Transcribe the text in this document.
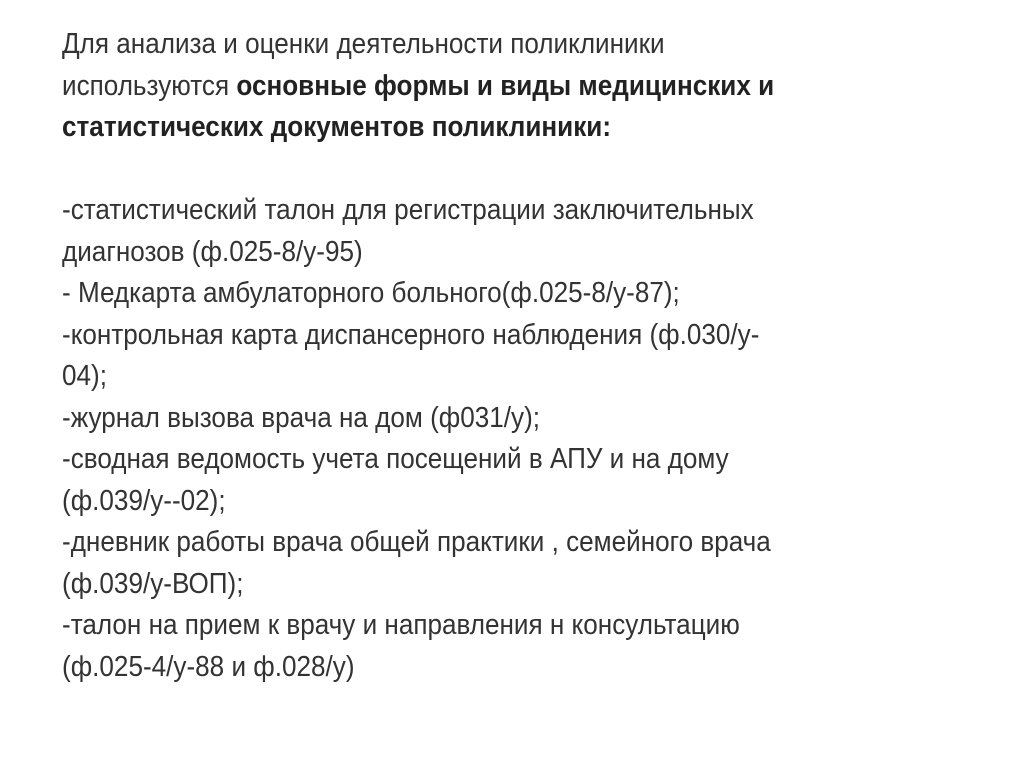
Для анализа и оценки деятельности поликлиники
используются основные формы и виды медицинских и
статистических документов поликлиники:
-статистический талон для регистрации заключительных
диагнозов (ф.025-8/у-95)
- Медкарта амбулаторного больного(ф.025-8/у-87);
-контрольная карта диспансерного наблюдения (ф.030/у-
04);
-журнал вызова врача на дом (ф031/у);
-сводная ведомость учета посещений в АПУ и на дому
(ф.039/у--02);
-дневник работы врача общей практики , семейного врача
(ф.039/у-ВОП);
-талон на прием к врачу и направления н консультацию
(ф.025-4/у-88 и ф.028/у)
